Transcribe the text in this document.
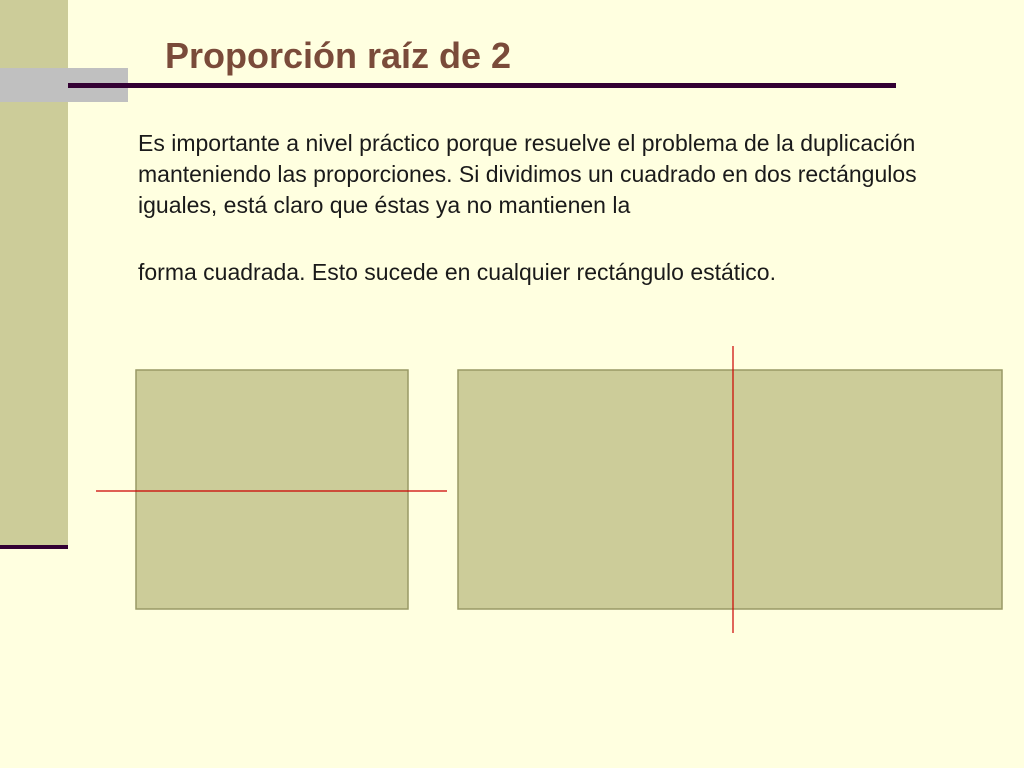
Proporción raíz de 2

Es importante a nivel práctico porque resuelve el problema de la duplicación manteniendo las proporciones. Si dividimos un cuadrado en dos rectángulos iguales, está claro que éstas ya no mantienen la

forma cuadrada. Esto sucede en cualquier rectángulo estático.
